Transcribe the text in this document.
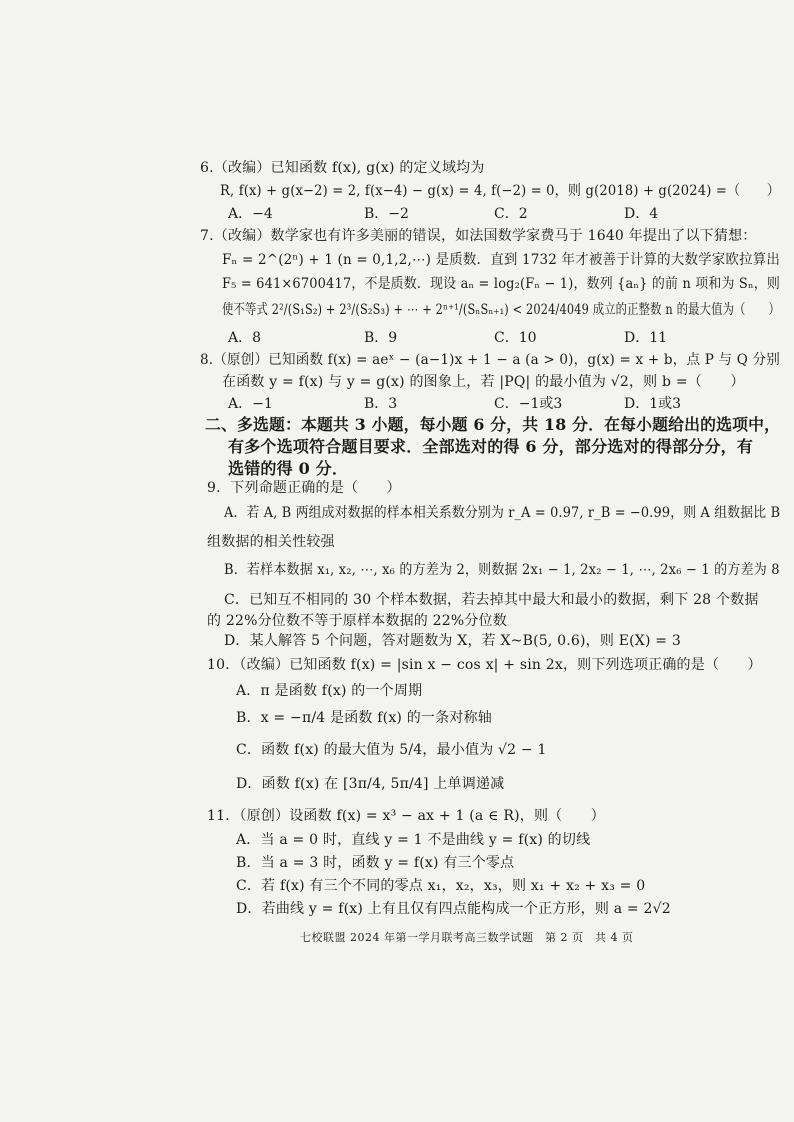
6.（改编）已知函数 f(x), g(x) 的定义域均为
R, f(x) + g(x−2) = 2, f(x−4) − g(x) = 4, f(−2) = 0，则 g(2018) + g(2024) =（　　）
A．−4	B．−2	C．2	D．4
7.（改编）数学家也有许多美丽的错误，如法国数学家费马于 1640 年提出了以下猜想：
Fₙ = 2^(2ⁿ) + 1 (n = 0,1,2,⋯) 是质数．直到 1732 年才被善于计算的大数学家欧拉算出
F₅ = 641×6700417，不是质数．现设 aₙ = log₂(Fₙ − 1)，数列 {aₙ} 的前 n 项和为 Sₙ，则
使不等式 2²/(S₁S₂) + 2³/(S₂S₃) + ⋯ + 2ⁿ⁺¹/(SₙSₙ₊₁) < 2024/4049 成立的正整数 n 的最大值为（　　）
A．8	B．9	C．10	D．11
8.（原创）已知函数 f(x) = aeˣ − (a−1)x + 1 − a (a > 0)，g(x) = x + b，点 P 与 Q 分别
在函数 y = f(x) 与 y = g(x) 的图象上，若 |PQ| 的最小值为 √2，则 b =（　　）
A．−1	B．3	C．−1或3	D．1或3
二、多选题：本题共 3 小题，每小题 6 分，共 18 分．在每小题给出的选项中，
有多个选项符合题目要求．全部选对的得 6 分，部分选对的得部分分，有
选错的得 0 分．
9．下列命题正确的是（　　）
A．若 A, B 两组成对数据的样本相关系数分别为 r_A = 0.97, r_B = −0.99，则 A 组数据比 B
组数据的相关性较强
B．若样本数据 x₁, x₂, ⋯, x₆ 的方差为 2，则数据 2x₁ − 1, 2x₂ − 1, ⋯, 2x₆ − 1 的方差为 8
C．已知互不相同的 30 个样本数据，若去掉其中最大和最小的数据，剩下 28 个数据
的 22%分位数不等于原样本数据的 22%分位数
D．某人解答 5 个问题，答对题数为 X，若 X~B(5, 0.6)，则 E(X) = 3
10．（改编）已知函数 f(x) = |sin x − cos x| + sin 2x，则下列选项正确的是（　　）
A．π 是函数 f(x) 的一个周期
B．x = −π/4 是函数 f(x) 的一条对称轴
C．函数 f(x) 的最大值为 5/4，最小值为 √2 − 1
D．函数 f(x) 在 [3π/4, 5π/4] 上单调递减
11．（原创）设函数 f(x) = x³ − ax + 1 (a ∈ R)，则（　　）
A．当 a = 0 时，直线 y = 1 不是曲线 y = f(x) 的切线
B．当 a = 3 时，函数 y = f(x) 有三个零点
C．若 f(x) 有三个不同的零点 x₁，x₂，x₃，则 x₁ + x₂ + x₃ = 0
D．若曲线 y = f(x) 上有且仅有四点能构成一个正方形，则 a = 2√2
七校联盟 2024 年第一学月联考高三数学试题　第 2 页　共 4 页
